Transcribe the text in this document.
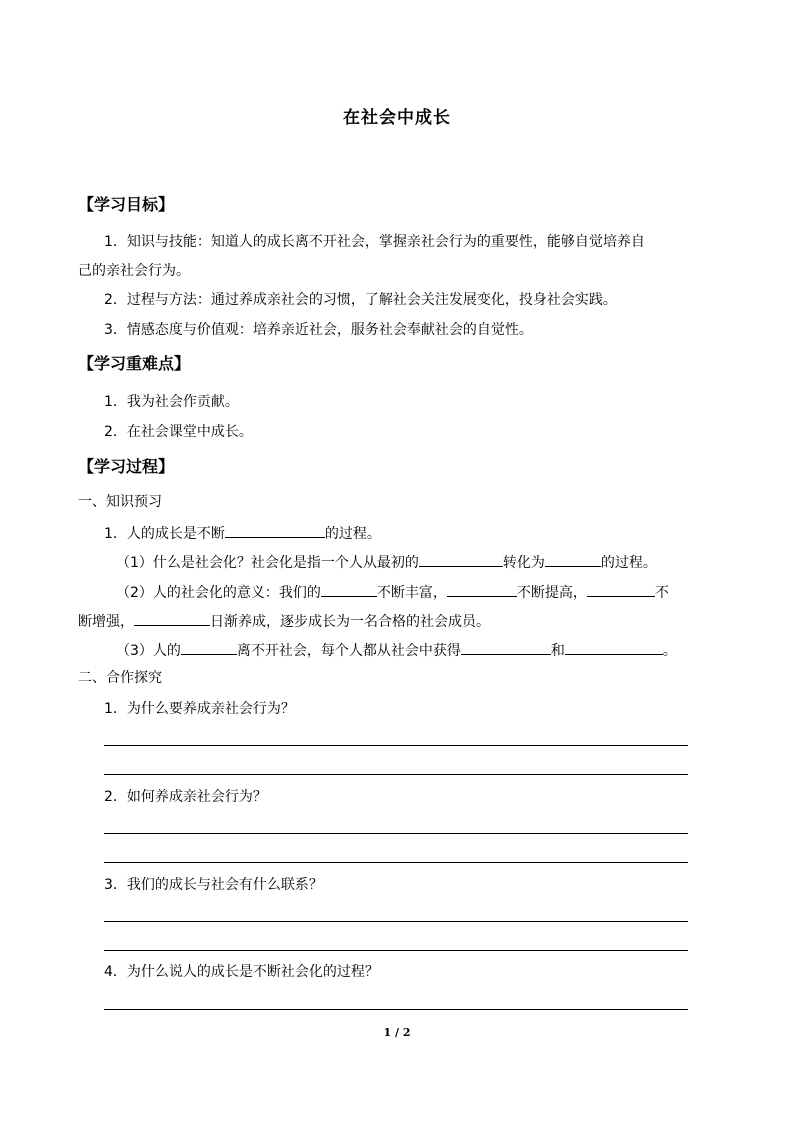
在社会中成长
【学习目标】
1．知识与技能：知道人的成长离不开社会，掌握亲社会行为的重要性，能够自觉培养自
己的亲社会行为。
2．过程与方法：通过养成亲社会的习惯，了解社会关注发展变化，投身社会实践。
3．情感态度与价值观：培养亲近社会，服务社会奉献社会的自觉性。
【学习重难点】
1．我为社会作贡献。
2．在社会课堂中成长。
【学习过程】
一、知识预习
1．人的成长是不断	的过程。
（1）什么是社会化？社会化是指一个人从最初的	转化为	的过程。
（2）人的社会化的意义：我们的	不断丰富，	不断提高，	不
断增强，	日渐养成，逐步成长为一名合格的社会成员。
（3）人的	离不开社会，每个人都从社会中获得	和	。
二、合作探究
1．为什么要养成亲社会行为？
2．如何养成亲社会行为？
3．我们的成长与社会有什么联系？
4．为什么说人的成长是不断社会化的过程？
1 / 2
